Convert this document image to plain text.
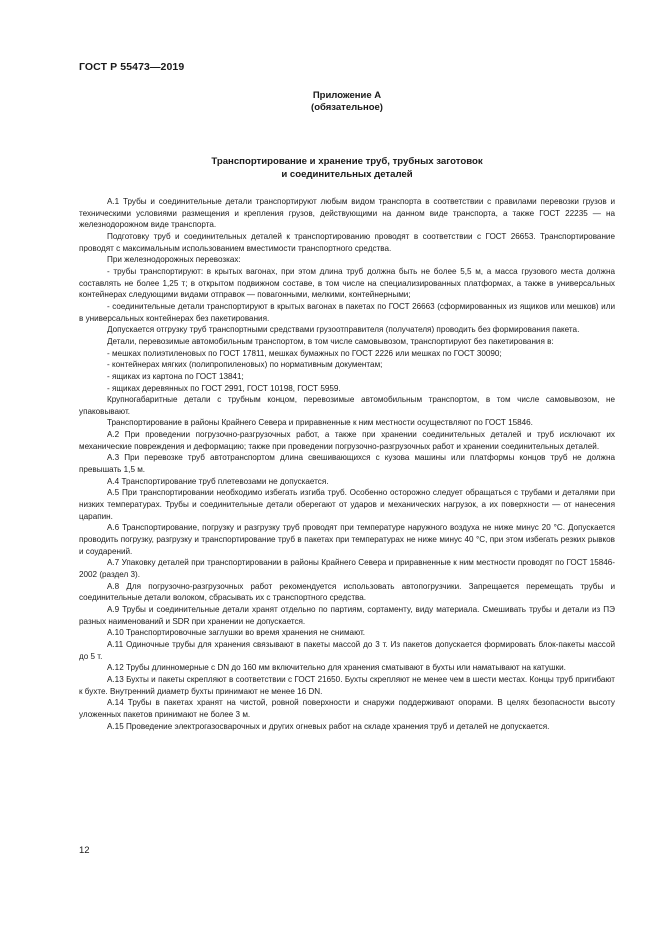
ГОСТ Р 55473—2019
Приложение А
(обязательное)
Транспортирование и хранение труб, трубных заготовок
и соединительных деталей

А.1 Трубы и соединительные детали транспортируют любым видом транспорта в соответствии с правилами перевозки грузов и техническими условиями размещения и крепления грузов, действующими на данном виде транспорта, а также ГОСТ 22235 — на железнодорожном виде транспорта.

Подготовку труб и соединительных деталей к транспортированию проводят в соответствии с ГОСТ 26653. Транспортирование проводят с максимальным использованием вместимости транспортного средства.

При железнодорожных перевозках:

- трубы транспортируют: в крытых вагонах, при этом длина труб должна быть не более 5,5 м, а масса грузового места должна составлять не более 1,25 т; в открытом подвижном составе, в том числе на специализированных платформах, а также в универсальных контейнерах следующими видами отправок — повагонными, мелкими, контейнерными;

- соединительные детали транспортируют в крытых вагонах в пакетах по ГОСТ 26663 (сформированных из ящиков или мешков) или в универсальных контейнерах без пакетирования.

Допускается отгрузку труб транспортными средствами грузоотправителя (получателя) проводить без формирования пакета.

Детали, перевозимые автомобильным транспортом, в том числе самовывозом, транспортируют без пакетирования в:

- мешках полиэтиленовых по ГОСТ 17811, мешках бумажных по ГОСТ 2226 или мешках по ГОСТ 30090;

- контейнерах мягких (полипропиленовых) по нормативным документам;

- ящиках из картона по ГОСТ 13841;

- ящиках деревянных по ГОСТ 2991, ГОСТ 10198, ГОСТ 5959.

Крупногабаритные детали с трубным концом, перевозимые автомобильным транспортом, в том числе самовывозом, не упаковывают.

Транспортирование в районы Крайнего Севера и приравненные к ним местности осуществляют по ГОСТ 15846.

А.2 При проведении погрузочно-разгрузочных работ, а также при хранении соединительных деталей и труб исключают их механические повреждения и деформацию; также при проведении погрузочно-разгрузочных работ и хранении соединительных деталей.

А.3 При перевозке труб автотранспортом длина свешивающихся с кузова машины или платформы концов труб не должна превышать 1,5 м.

А.4 Транспортирование труб плетевозами не допускается.

А.5 При транспортировании необходимо избегать изгиба труб. Особенно осторожно следует обращаться с трубами и деталями при низких температурах. Трубы и соединительные детали оберегают от ударов и механических нагрузок, а их поверхности — от нанесения царапин.

А.6 Транспортирование, погрузку и разгрузку труб проводят при температуре наружного воздуха не ниже минус 20 °C. Допускается проводить погрузку, разгрузку и транспортирование труб в пакетах при температурах не ниже минус 40 °C, при этом избегать резких рывков и соударений.

А.7 Упаковку деталей при транспортировании в районы Крайнего Севера и приравненные к ним местности проводят по ГОСТ 15846-2002 (раздел 3).

А.8 Для погрузочно-разгрузочных работ рекомендуется использовать автопогрузчики. Запрещается перемещать трубы и соединительные детали волоком, сбрасывать их с транспортного средства.

А.9 Трубы и соединительные детали хранят отдельно по партиям, сортаменту, виду материала. Смешивать трубы и детали из ПЭ разных наименований и SDR при хранении не допускается.

А.10 Транспортировочные заглушки во время хранения не снимают.

А.11 Одиночные трубы для хранения связывают в пакеты массой до 3 т. Из пакетов допускается формировать блок-пакеты массой до 5 т.

А.12 Трубы длинномерные с DN до 160 мм включительно для хранения сматывают в бухты или наматывают на катушки.

А.13 Бухты и пакеты скрепляют в соответствии с ГОСТ 21650. Бухты скрепляют не менее чем в шести местах. Концы труб пригибают к бухте. Внутренний диаметр бухты принимают не менее 16 DN.

А.14 Трубы в пакетах хранят на чистой, ровной поверхности и снаружи поддерживают опорами. В целях безопасности высоту уложенных пакетов принимают не более 3 м.

А.15 Проведение электрогазосварочных и других огневых работ на складе хранения труб и деталей не допускается.

12
